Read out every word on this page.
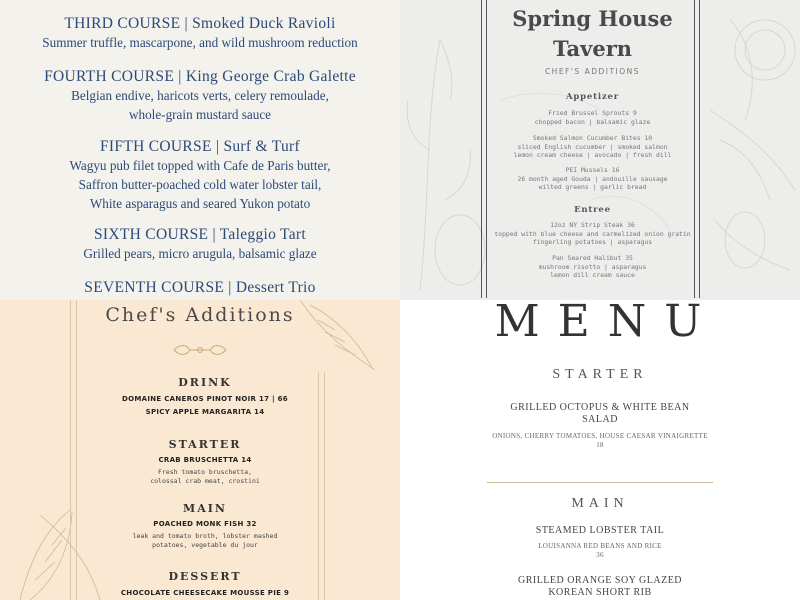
THIRD COURSE | Smoked Duck Ravioli
Summer truffle, mascarpone, and wild mushroom reduction
FOURTH COURSE | King George Crab Galette
Belgian endive, haricots verts, celery remoulade,
whole-grain mustard sauce
FIFTH COURSE | Surf & Turf
Wagyu pub filet topped with Cafe de Paris butter,
Saffron butter-poached cold water lobster tail,
White asparagus and seared Yukon potato
SIXTH COURSE | Taleggio Tart
Grilled pears, micro arugula, balsamic glaze
SEVENTH COURSE | Dessert Trio
Spring House
Tavern
CHEF'S ADDITIONS
Appetizer
Fried Brussel Sprouts 9
chopped bacon | balsamic glaze
Smoked Salmon Cucumber Bites 10
sliced English cucumber | smoked salmon
lemon cream cheese | avocado | fresh dill
PEI Mussels 16
26 month aged Gouda | andouille sausage
wilted greens | garlic bread
Entree
12oz NY Strip Steak 36
topped with blue cheese and carmelized onion gratin
fingerling potatoes | asparagus
Pan Seared Halibut 35
mushroom risotto | asparagus
lemon dill cream sauce
Chef's Additions
DRINK
DOMAINE CANEROS PINOT NOIR 17 | 66
SPICY APPLE MARGARITA 14
STARTER
CRAB BRUSCHETTA 14
Fresh tomato bruschetta,
colossal crab meat, crostini
MAIN
POACHED MONK FISH 32
leak and tomato broth, lobster mashed
potatoes, vegetable du jour
DESSERT
CHOCOLATE CHEESECAKE MOUSSE PIE 9
MENU
STARTER
GRILLED OCTOPUS & WHITE BEAN
SALAD
ONIONS, CHERRY TOMATOES, HOUSE CAESAR VINAIGRETTE
18
MAIN
STEAMED LOBSTER TAIL
LOUISANNA RED BEANS AND RICE
36
GRILLED ORANGE SOY GLAZED
KOREAN SHORT RIB
